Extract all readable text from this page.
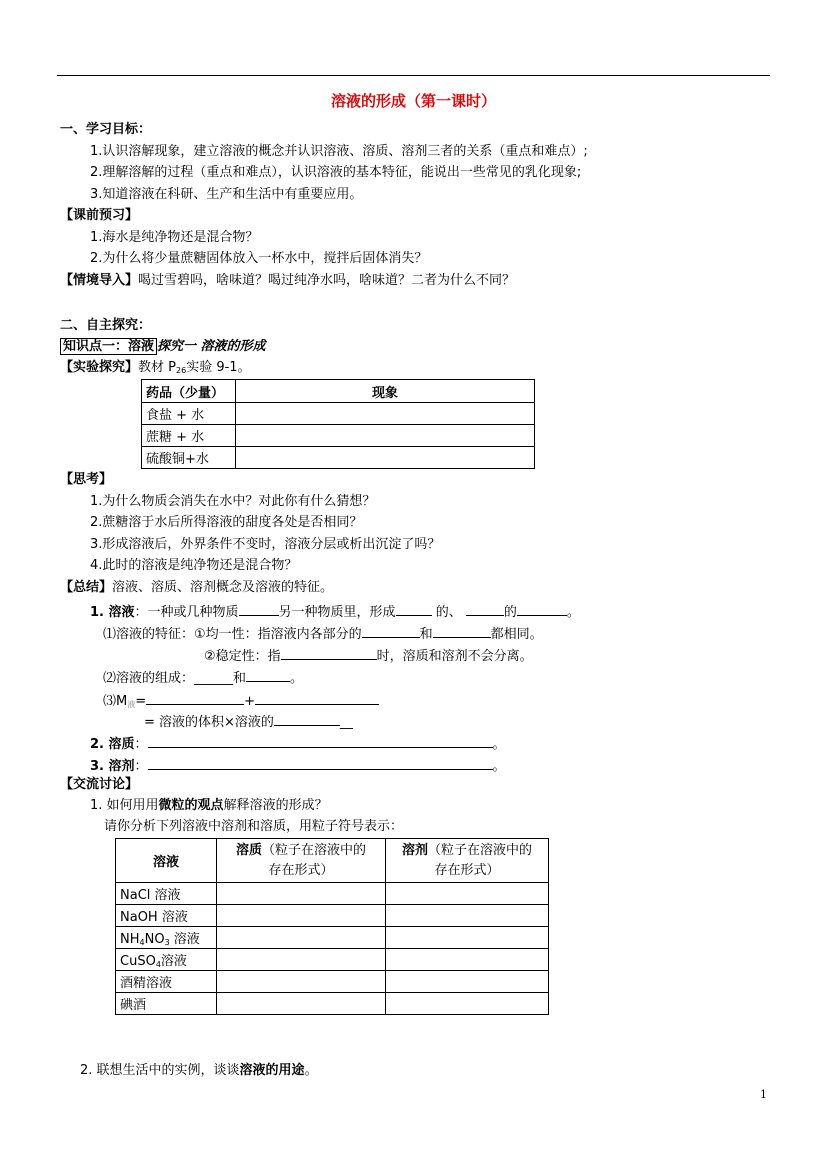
溶液的形成（第一课时）
一、学习目标：
1.认识溶解现象，建立溶液的概念并认识溶液、溶质、溶剂三者的关系（重点和难点）;
2.理解溶解的过程（重点和难点），认识溶液的基本特征，能说出一些常见的乳化现象;
3.知道溶液在科研、生产和生活中有重要应用。
【课前预习】
1.海水是纯净物还是混合物？
2.为什么将少量蔗糖固体放入一杯水中，搅拌后固体消失？
【情境导入】喝过雪碧吗，啥味道？喝过纯净水吗，啥味道？二者为什么不同？
二、自主探究：
知识点一：溶液 探究一 溶液的形成
【实验探究】教材 $P_{26}$实验 9-1。
药品（少量）	现象
食盐 + 水	
蔗糖 + 水	
硫酸铜+水	
【思考】
1.为什么物质会消失在水中？对此你有什么猜想？
2.蔗糖溶于水后所得溶液的甜度各处是否相同？
3.形成溶液后，外界条件不变时，溶液分层或析出沉淀了吗？
4.此时的溶液是纯净物还是混合物？
【总结】溶液、溶质、溶剂概念及溶液的特征。
1. 溶液：一种或几种物质	另一种物质里，形成	的、	的	。
⑴溶液的特征：①均一性：指溶液内各部分的	和	都相同。
②稳定性：指	时，溶质和溶剂不会分离。
⑵溶液的组成：______和	。
$⑶M_液=$	+
= 溶液的体积×溶液的	__
2. 溶质：	。
3. 溶剂：	。
【交流讨论】
1. 如何用用微粒的观点解释溶液的形成？
请你分析下列溶液中溶剂和溶质，用粒子符号表示：
溶液	溶质（粒子在溶液中的
存在形式）	溶剂（粒子在溶液中的
存在形式）
NaCl 溶液		
NaOH 溶液		
$NH_4NO_3$ 溶液		
CuSO$_4$溶液		
酒精溶液		
碘酒		
2. 联想生活中的实例，谈谈溶液的用途。
1
